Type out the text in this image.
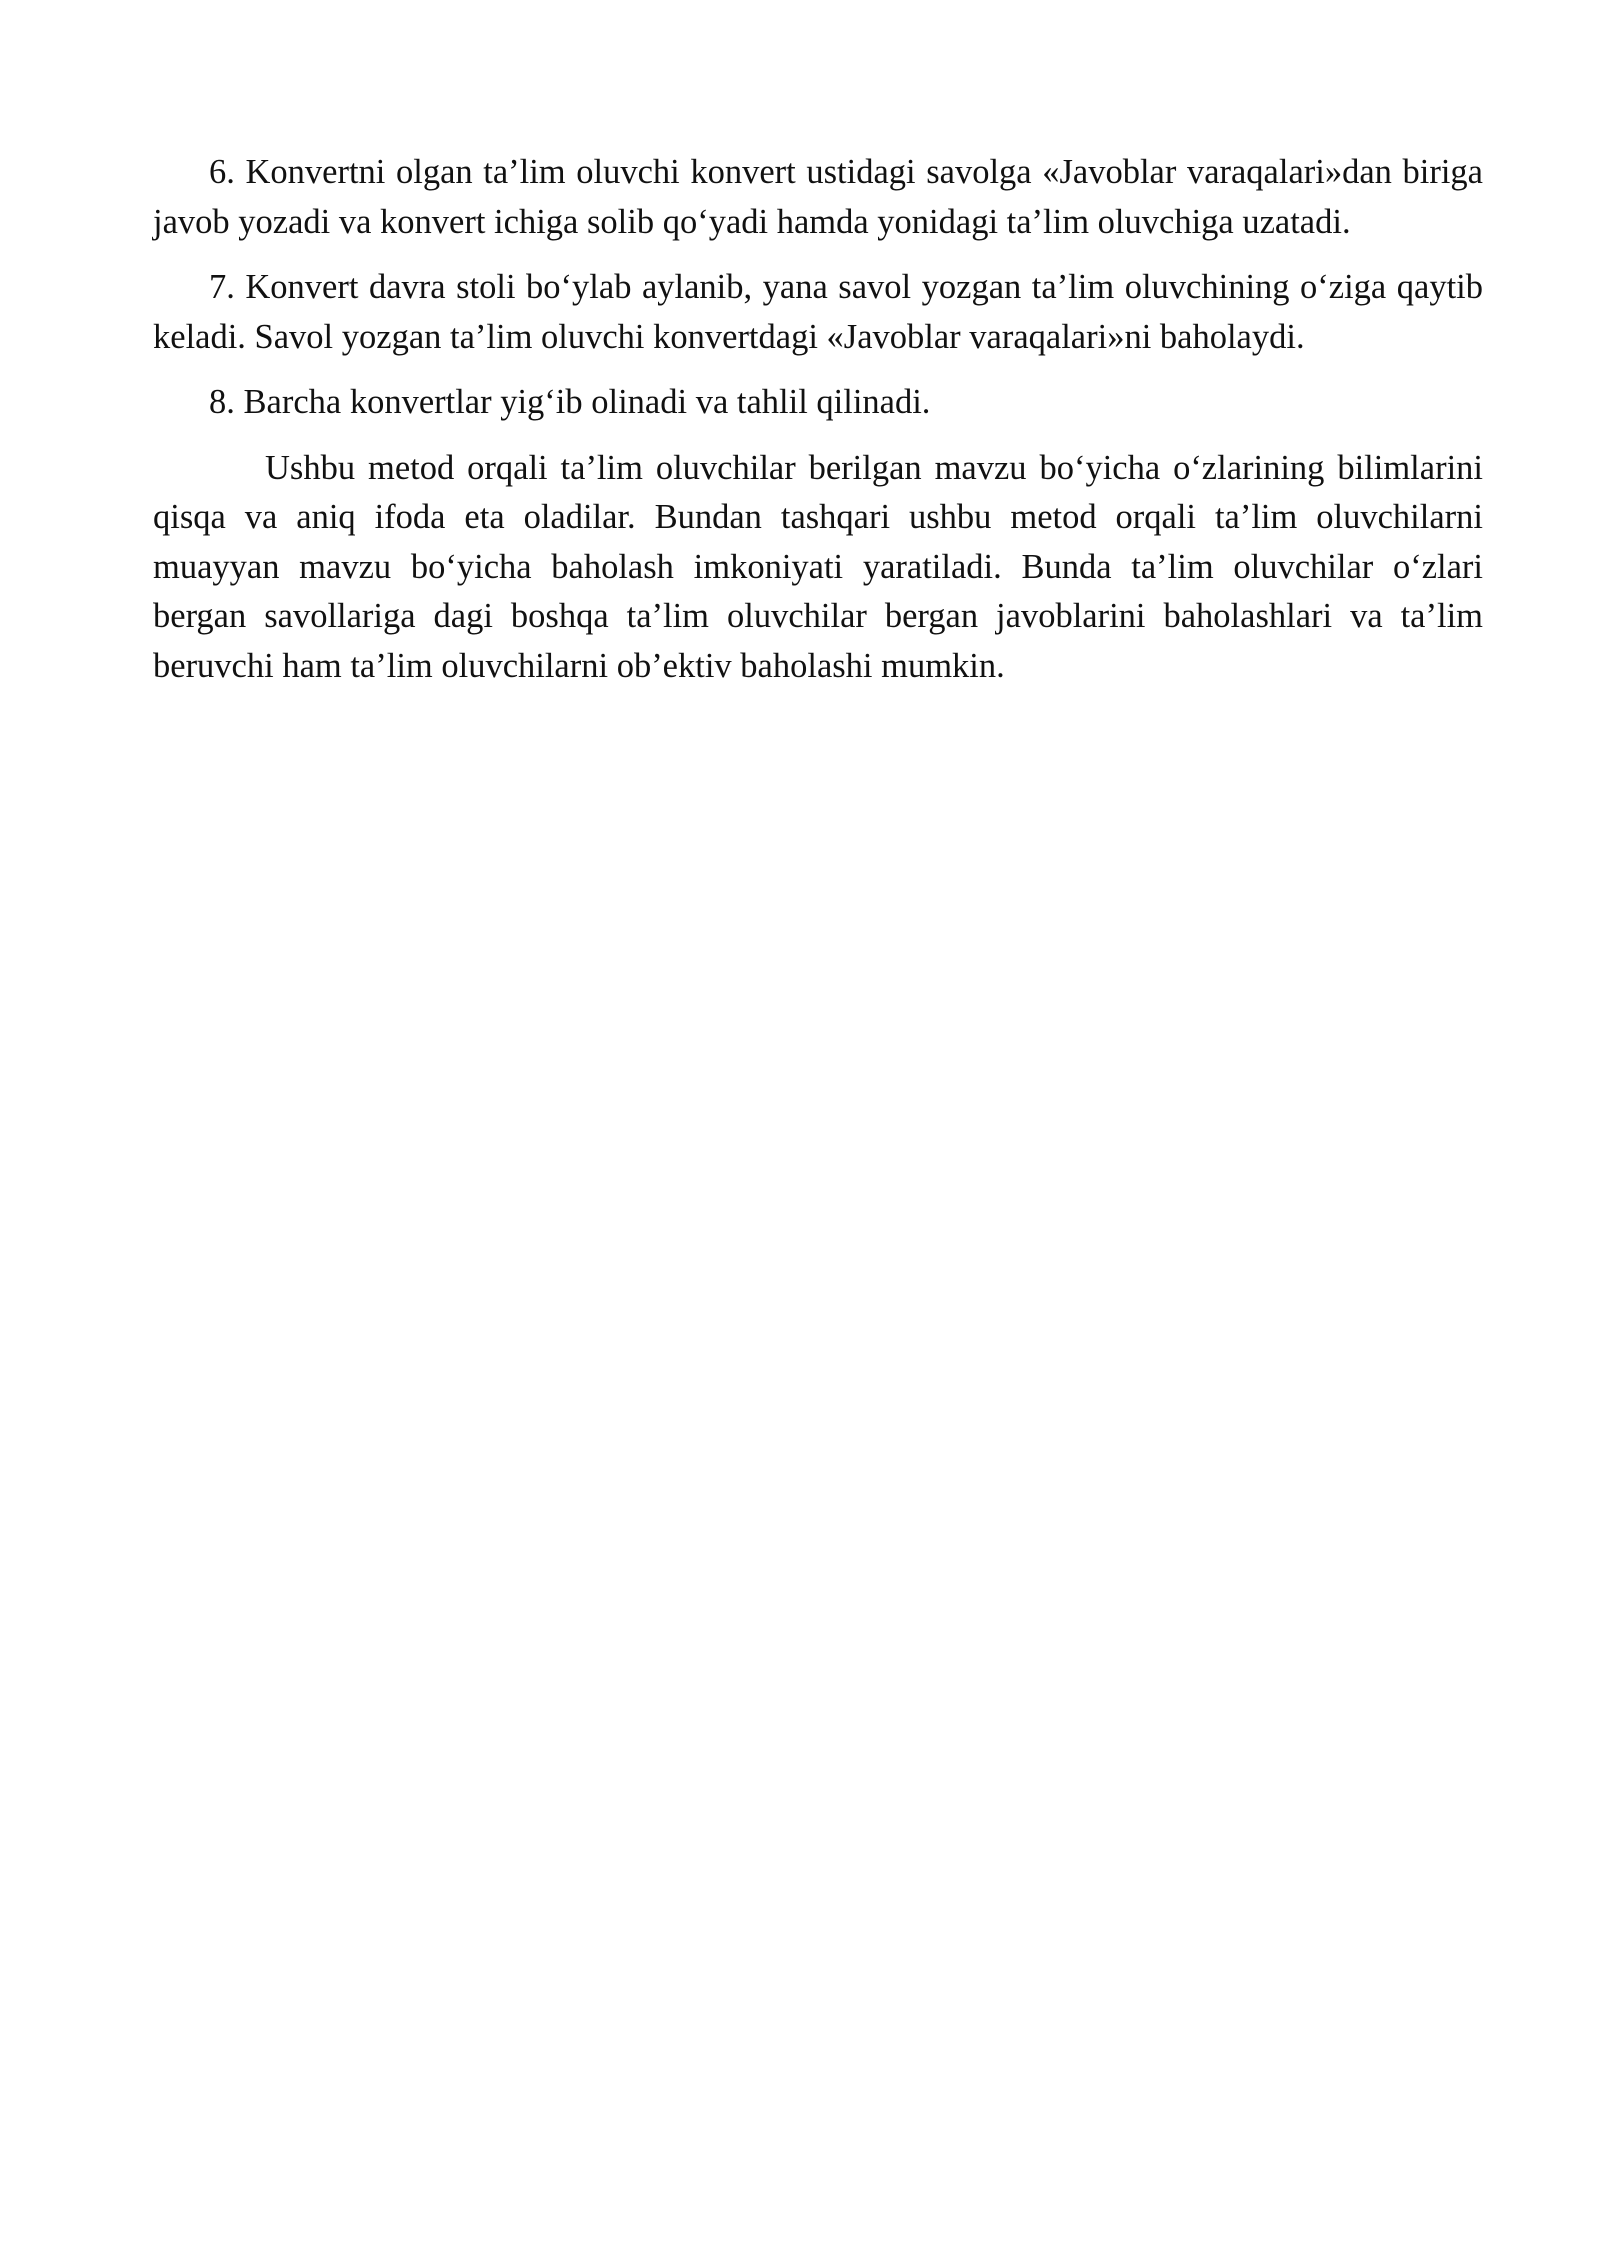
6. Konvertni olgan ta’lim oluvchi konvert ustidagi savolga «Javoblar varaqalari»dan biriga javob yozadi va konvert ichiga solib qo‘yadi hamda yonidagi ta’lim oluvchiga uzatadi.

7. Konvert davra stoli bo‘ylab aylanib, yana savol yozgan ta’lim oluvchining o‘ziga qaytib keladi. Savol yozgan ta’lim oluvchi konvertdagi «Javoblar varaqalari»ni baholaydi.

8. Barcha konvertlar yig‘ib olinadi va tahlil qilinadi.

Ushbu metod orqali ta’lim oluvchilar berilgan mavzu bo‘yicha o‘zlarining bilimlarini qisqa va aniq ifoda eta oladilar. Bundan tashqari ushbu metod orqali ta’lim oluvchilarni muayyan mavzu bo‘yicha baholash imkoniyati yaratiladi. Bunda ta’lim oluvchilar o‘zlari bergan savollariga dagi boshqa ta’lim oluvchilar bergan javoblarini baholashlari va ta’lim beruvchi ham ta’lim oluvchilarni ob’ektiv baholashi mumkin.
